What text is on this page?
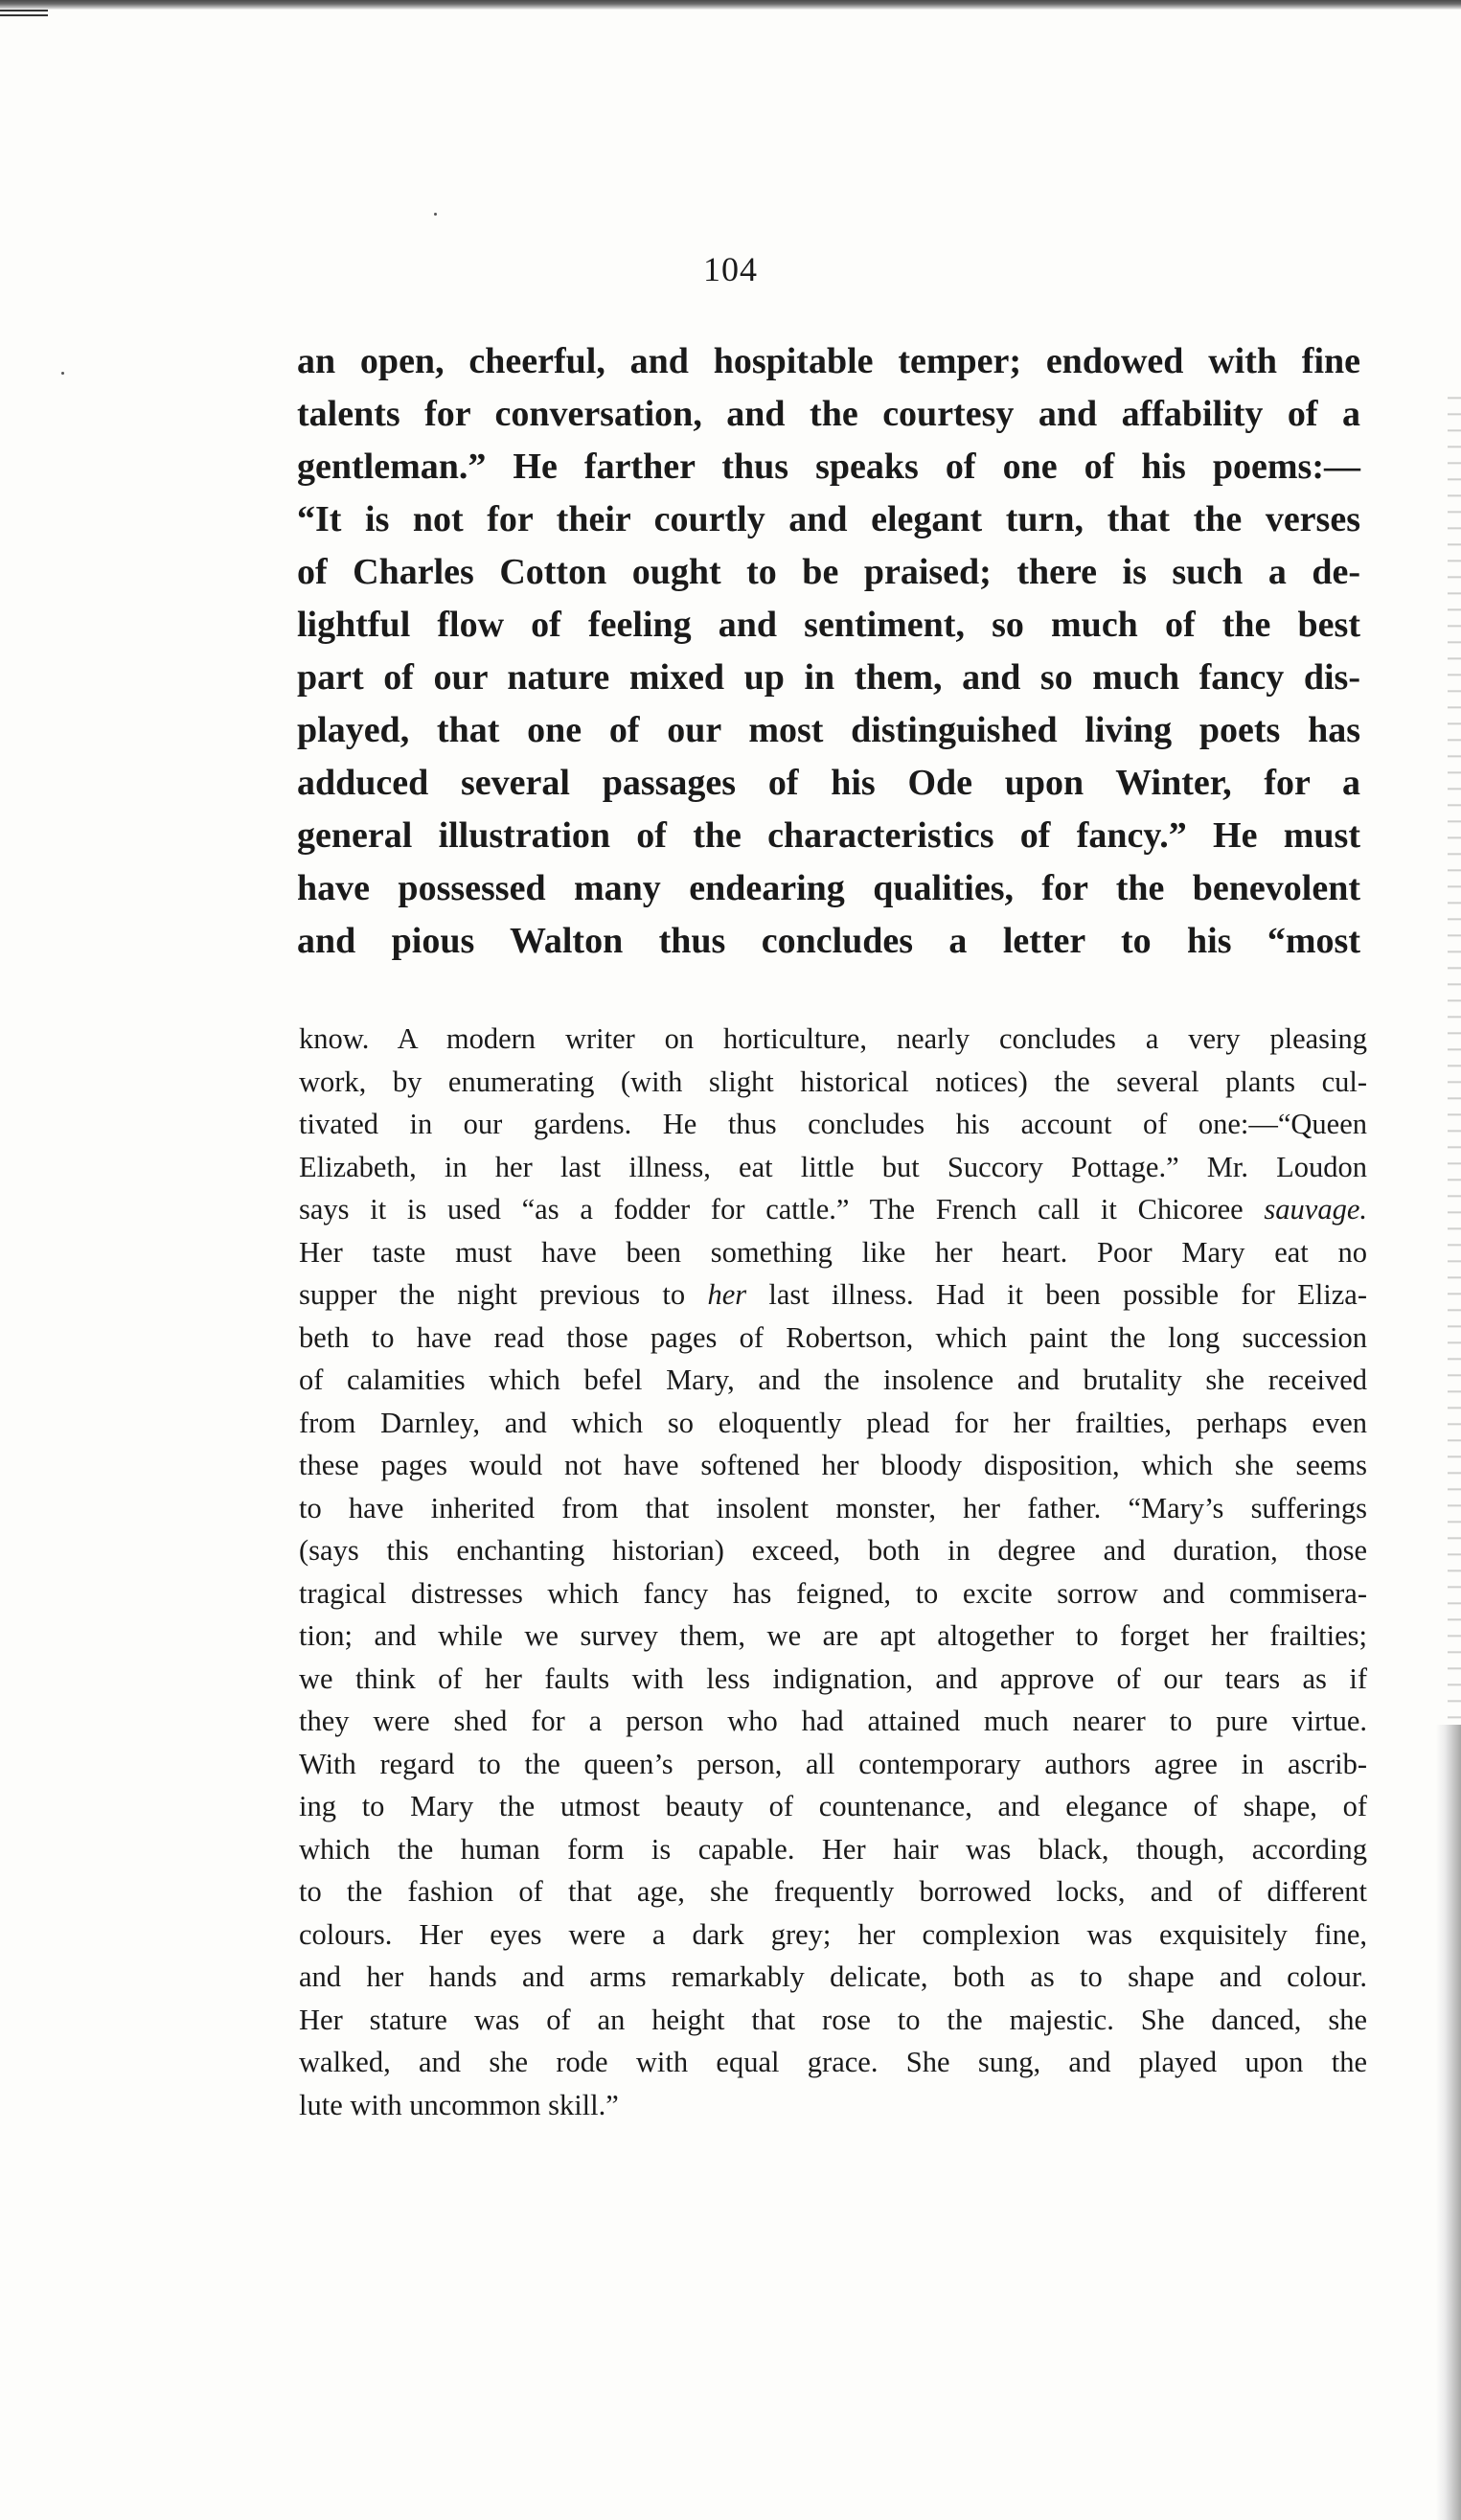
104
an open, cheerful, and hospitable temper; endowed with fine
talents for conversation, and the courtesy and affability of a
gentleman.” He farther thus speaks of one of his poems:—
“It is not for their courtly and elegant turn, that the verses
of Charles Cotton ought to be praised; there is such a de-
lightful flow of feeling and sentiment, so much of the best
part of our nature mixed up in them, and so much fancy dis-
played, that one of our most distinguished living poets has
adduced several passages of his Ode upon Winter, for a
general illustration of the characteristics of fancy.” He must
have possessed many endearing qualities, for the benevolent
and pious Walton thus concludes a letter to his “most
know. A modern writer on horticulture, nearly concludes a very pleasing
work, by enumerating (with slight historical notices) the several plants cul-
tivated in our gardens. He thus concludes his account of one:—“Queen
Elizabeth, in her last illness, eat little but Succory Pottage.” Mr. Loudon
says it is used “as a fodder for cattle.” The French call it Chicoree sauvage.
Her taste must have been something like her heart. Poor Mary eat no
supper the night previous to her last illness. Had it been possible for Eliza-
beth to have read those pages of Robertson, which paint the long succession
of calamities which befel Mary, and the insolence and brutality she received
from Darnley, and which so eloquently plead for her frailties, perhaps even
these pages would not have softened her bloody disposition, which she seems
to have inherited from that insolent monster, her father. “Mary’s sufferings
(says this enchanting historian) exceed, both in degree and duration, those
tragical distresses which fancy has feigned, to excite sorrow and commisera-
tion; and while we survey them, we are apt altogether to forget her frailties;
we think of her faults with less indignation, and approve of our tears as if
they were shed for a person who had attained much nearer to pure virtue.
With regard to the queen’s person, all contemporary authors agree in ascrib-
ing to Mary the utmost beauty of countenance, and elegance of shape, of
which the human form is capable. Her hair was black, though, according
to the fashion of that age, she frequently borrowed locks, and of different
colours. Her eyes were a dark grey; her complexion was exquisitely fine,
and her hands and arms remarkably delicate, both as to shape and colour.
Her stature was of an height that rose to the majestic. She danced, she
walked, and she rode with equal grace. She sung, and played upon the
lute with uncommon skill.”
